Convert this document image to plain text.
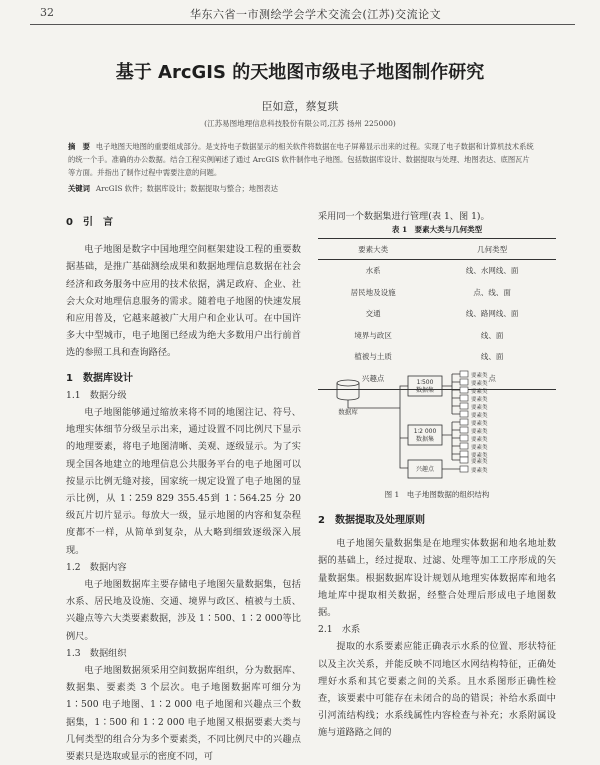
32	华东六省一市测绘学会学术交流会(江苏)交流论文
基于 ArcGIS 的天地图市级电子地图制作研究
臣如意，蔡复珙
(江苏易图地理信息科技股份有限公司,江苏 扬州 225000)
摘　要 电子地图天地图的重要组成部分。是支持电子数据显示的相关软件将数据在电子屏幕显示出来的过程。实现了电子数据和计算机技术系统的统一个手。准确的办公数据。结合工程实例阐述了通过 ArcGIS 软件制作电子地图。包括数据库设计、数据提取与处理、地图表达、底图瓦片等方面。并指出了制作过程中需要注意的问题。
关键词 ArcGIS 软件；数据库设计；数据提取与整合；地图表达
0　引　言

电子地图是数字中国地理空间框架建设工程的重要数据基础，是推广基础测绘成果和数据地理信息数据在社会经济和政务服务中应用的技术依据，满足政府、企业、社会大众对地理信息服务的需求。随着电子地图的快速发展和应用普及，它越来越被广大用户和企业认可。在中国许多大中型城市，电子地图已经成为绝大多数用户出行前首选的参照工具和查询路径。

1　数据库设计
1.1　数据分级

电子地图能够通过缩放来将不同的地图注记、符号、地理实体细节分级呈示出来，通过设置不同比例尺下显示的地理要素，将电子地图清晰、美观、逐级显示。为了实现全国各地建立的地理信息公共服务平台的电子地图可以按显示比例无缝对接，国家统一规定设置了电子地图的显示比例，从 1∶259 829 355.45到 1∶564.25 分 20 级瓦片切片显示。每放大一级，显示地图的内容和复杂程度都不一样，从简单到复杂，从大略到细致逐级深入展现。

1.2　数据内容

电子地图数据库主要存储电子地图矢量数据集，包括水系、居民地及设施、交通、境界与政区、植被与土质、兴趣点等六大类要素数据，涉及 1∶500、1∶2 000等比例尺。

1.3　数据组织

电子地图数据须采用空间数据库组织，分为数据库、数据集、要素类 3 个层次。电子地图数据库可细分为 1∶500 电子地图、1∶2 000 电子地图和兴趣点三个数据集，1∶500 和 1∶2 000 电子地图又根据要素大类与几何类型的组合分为多个要素类，不同比例尺中的兴趣点要素只是选取或显示的密度不同，可

采用同一个数据集进行管理(表 1、图 1)。
表 1　要素大类与几何类型
要素大类	几何类型
水系	线、水网线、面
居民地及设施	点、线、面
交通	线、路网线、面
境界与政区	线、面
植被与土质	线、面
兴趣点	点
数据库
1∶500
数据集
1∶2 000
数据集
兴趣点
要素类
要素类
要素类
要素类
要素类
要素类
要素类
要素类
要素类
要素类
要素类
要素类
要素类
图 1　电子地图数据的组织结构
2　数据提取及处理原则

电子地图矢量数据集是在地理实体数据和地名地址数据的基础上，经过提取、过滤、处理等加工工序形成的矢量数据集。根据数据库设计规划从地理实体数据库和地名地址库中提取相关数据，经整合处理后形成电子地图数据。

2.1　水系

提取的水系要素应能正确表示水系的位置、形状特征以及主次关系，并能反映不同地区水网结构特征，正确处理好水系和其它要素之间的关系。且水系图形正确性检查，该要素中可能存在未闭合的岛的错误；补给水系面中引河流结构线；水系线属性内容检查与补充；水系附属设施与道路路之间的
